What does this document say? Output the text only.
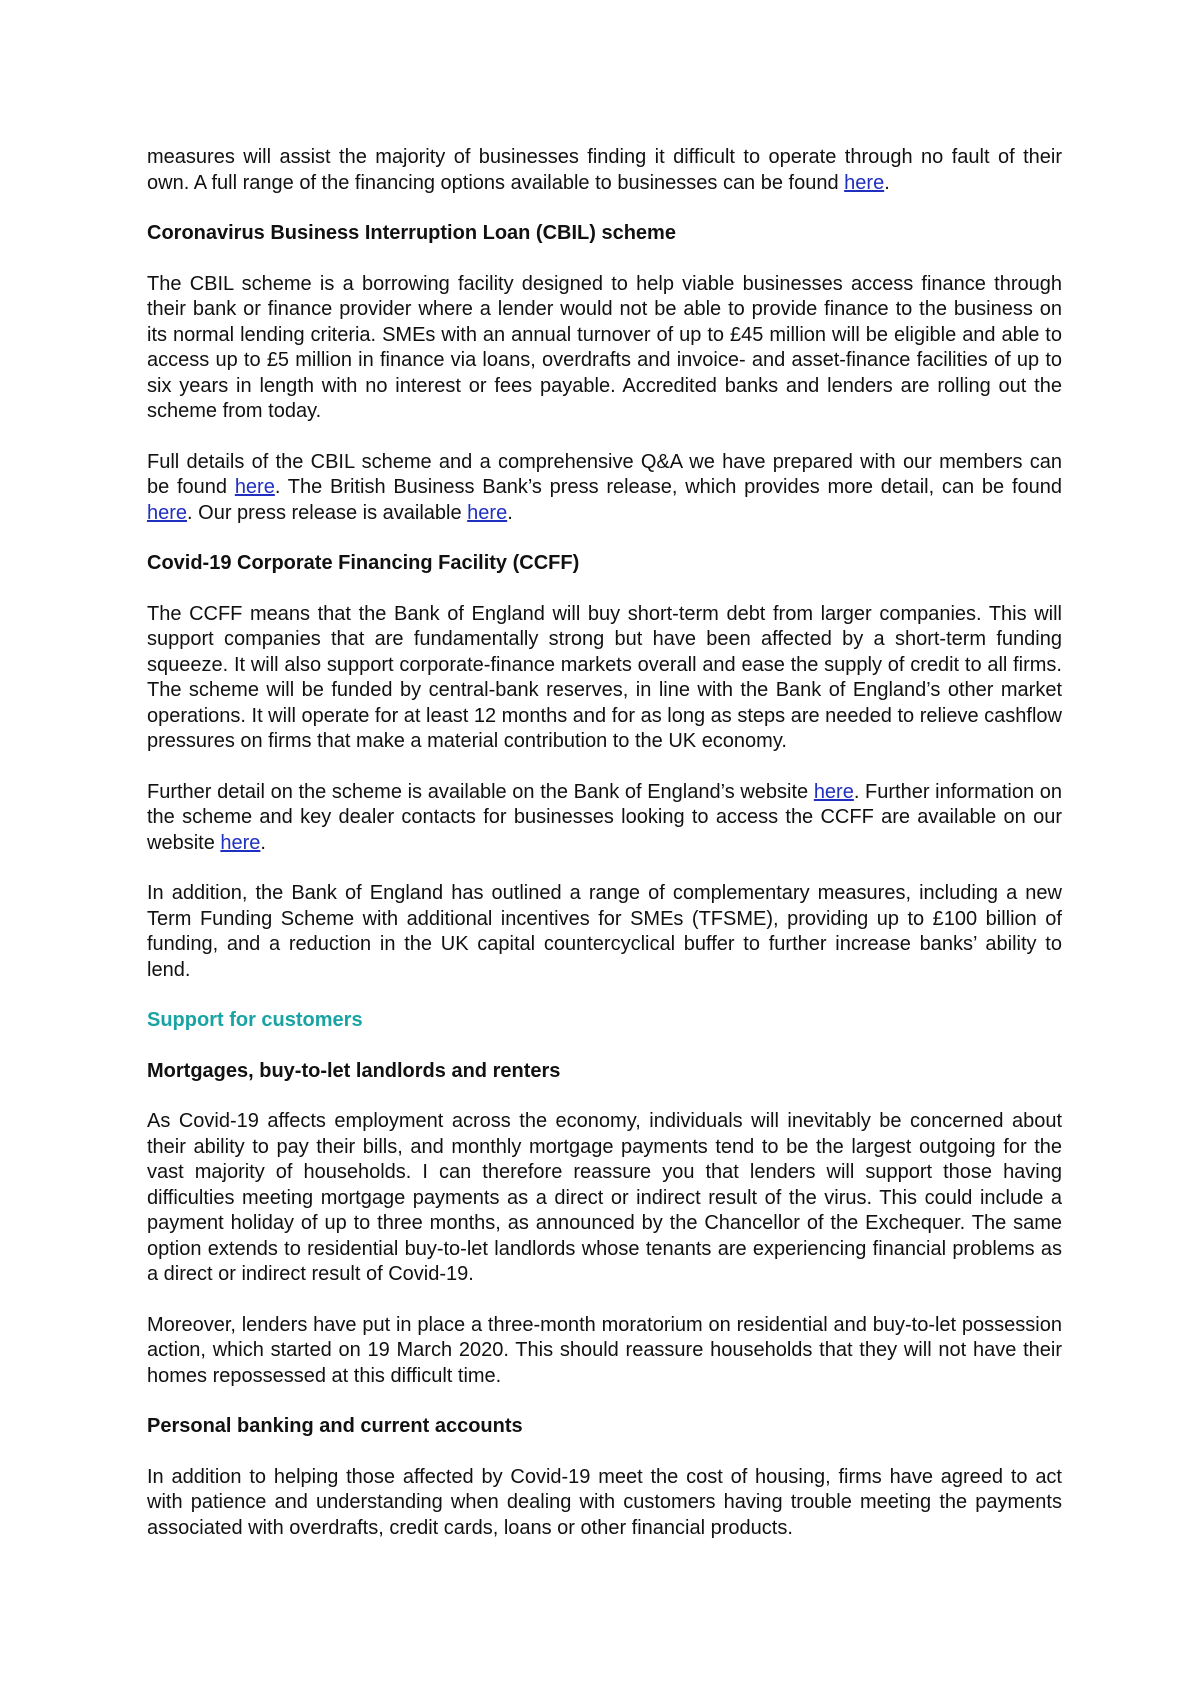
measures will assist the majority of businesses finding it difficult to operate through no fault of their own. A full range of the financing options available to businesses can be found here.

Coronavirus Business Interruption Loan (CBIL) scheme

The CBIL scheme is a borrowing facility designed to help viable businesses access finance through their bank or finance provider where a lender would not be able to provide finance to the business on its normal lending criteria. SMEs with an annual turnover of up to £45 million will be eligible and able to access up to £5 million in finance via loans, overdrafts and invoice- and asset-finance facilities of up to six years in length with no interest or fees payable. Accredited banks and lenders are rolling out the scheme from today.

Full details of the CBIL scheme and a comprehensive Q&A we have prepared with our members can be found here. The British Business Bank’s press release, which provides more detail, can be found here. Our press release is available here.

Covid-19 Corporate Financing Facility (CCFF)

The CCFF means that the Bank of England will buy short-term debt from larger companies. This will support companies that are fundamentally strong but have been affected by a short-term funding squeeze. It will also support corporate-finance markets overall and ease the supply of credit to all firms. The scheme will be funded by central-bank reserves, in line with the Bank of England’s other market operations. It will operate for at least 12 months and for as long as steps are needed to relieve cashflow pressures on firms that make a material contribution to the UK economy.

Further detail on the scheme is available on the Bank of England’s website here. Further information on the scheme and key dealer contacts for businesses looking to access the CCFF are available on our website here.

In addition, the Bank of England has outlined a range of complementary measures, including a new Term Funding Scheme with additional incentives for SMEs (TFSME), providing up to £100 billion of funding, and a reduction in the UK capital countercyclical buffer to further increase banks’ ability to lend.

Support for customers

Mortgages, buy-to-let landlords and renters

As Covid-19 affects employment across the economy, individuals will inevitably be concerned about their ability to pay their bills, and monthly mortgage payments tend to be the largest outgoing for the vast majority of households. I can therefore reassure you that lenders will support those having difficulties meeting mortgage payments as a direct or indirect result of the virus. This could include a payment holiday of up to three months, as announced by the Chancellor of the Exchequer. The same option extends to residential buy-to-let landlords whose tenants are experiencing financial problems as a direct or indirect result of Covid-19.

Moreover, lenders have put in place a three-month moratorium on residential and buy-to-let possession action, which started on 19 March 2020. This should reassure households that they will not have their homes repossessed at this difficult time.

Personal banking and current accounts

In addition to helping those affected by Covid-19 meet the cost of housing, firms have agreed to act with patience and understanding when dealing with customers having trouble meeting the payments associated with overdrafts, credit cards, loans or other financial products.
